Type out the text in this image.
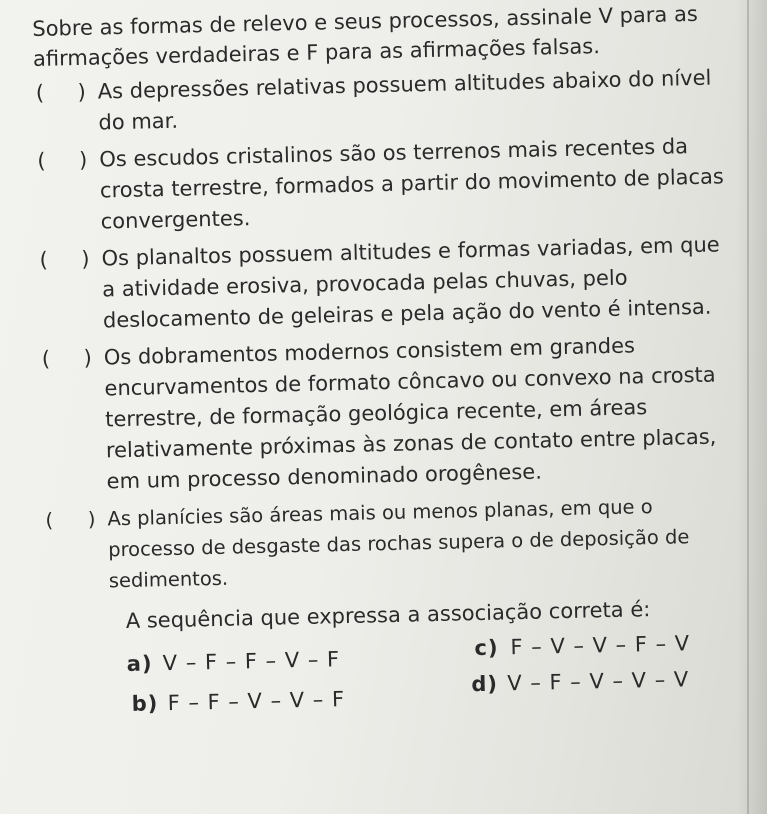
Sobre as formas de relevo e seus processos, assinale V para as afirmações verdadeiras e F para as afirmações falsas.

( ) As depressões relativas possuem altitudes abaixo do nível do mar.
( ) Os escudos cristalinos são os terrenos mais recentes da crosta terrestre, formados a partir do movimento de placas convergentes.
( ) Os planaltos possuem altitudes e formas variadas, em que a atividade erosiva, provocada pelas chuvas, pelo deslocamento de geleiras e pela ação do vento é intensa.
( ) Os dobramentos modernos consistem em grandes encurvamentos de formato côncavo ou convexo na crosta terrestre, de formação geológica recente, em áreas relativamente próximas às zonas de contato entre placas, em um processo denominado orogênese.
( ) As planícies são áreas mais ou menos planas, em que o processo de desgaste das rochas supera o de deposição de sedimentos.
A sequência que expressa a associação correta é:
a) V – F – F – V – F
b) F – F – V – V – F
c) F – V – V – F – V
d) V – F – V – V – V
